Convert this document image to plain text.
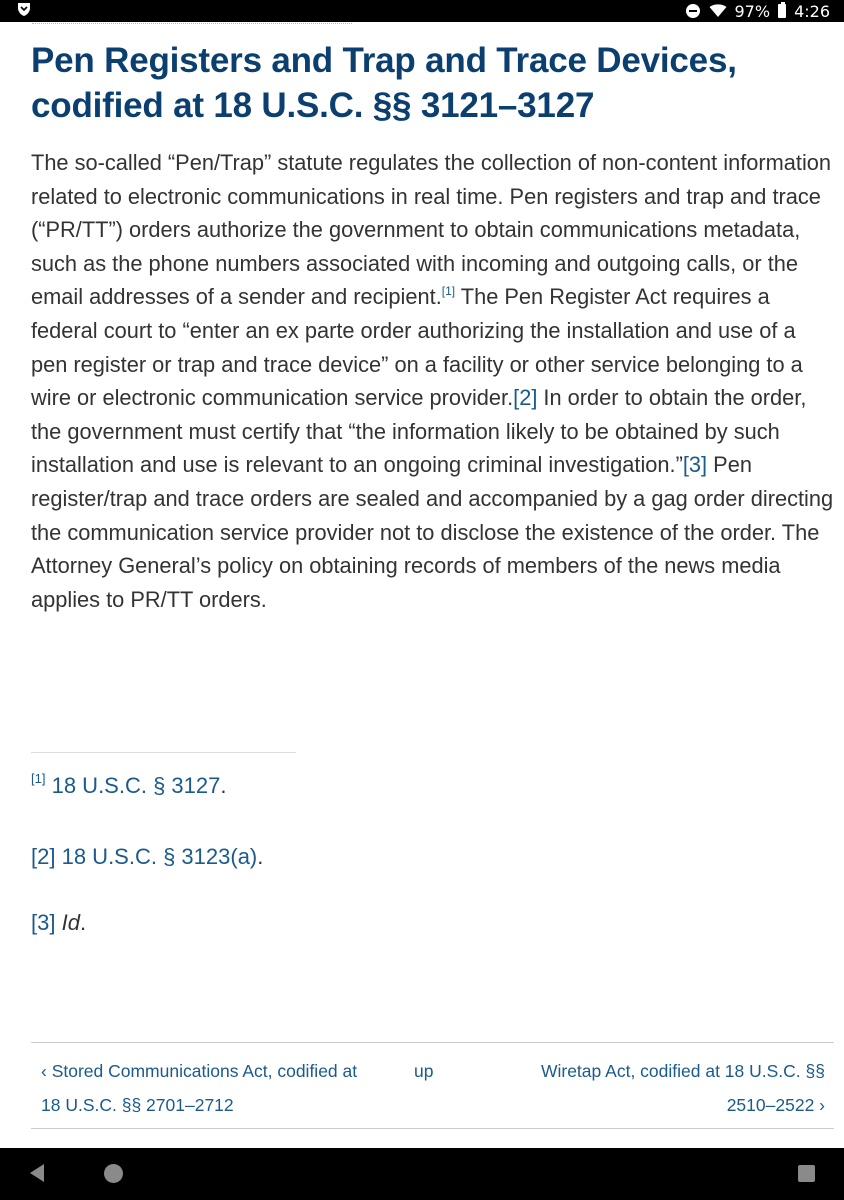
97% 4:26
Pen Registers and Trap and Trace Devices, codified at 18 U.S.C. §§ 3121–3127
The so-called “Pen/Trap” statute regulates the collection of non-content information related to electronic communications in real time. Pen registers and trap and trace (“PR/TT”) orders authorize the government to obtain communications metadata, such as the phone numbers associated with incoming and outgoing calls, or the email addresses of a sender and recipient.[1] The Pen Register Act requires a federal court to “enter an ex parte order authorizing the installation and use of a pen register or trap and trace device” on a facility or other service belonging to a wire or electronic communication service provider.[2] In order to obtain the order, the government must certify that “the information likely to be obtained by such installation and use is relevant to an ongoing criminal investigation.”[3] Pen register/trap and trace orders are sealed and accompanied by a gag order directing the communication service provider not to disclose the existence of the order. The Attorney General’s policy on obtaining records of members of the news media applies to PR/TT orders.
[1] 18 U.S.C. § 3127.
[2] 18 U.S.C. § 3123(a).
[3] Id.
‹ Stored Communications Act, codified at 18 U.S.C. §§ 2701–2712
up	Wiretap Act, codified at 18 U.S.C. §§ 2510–2522 ›
